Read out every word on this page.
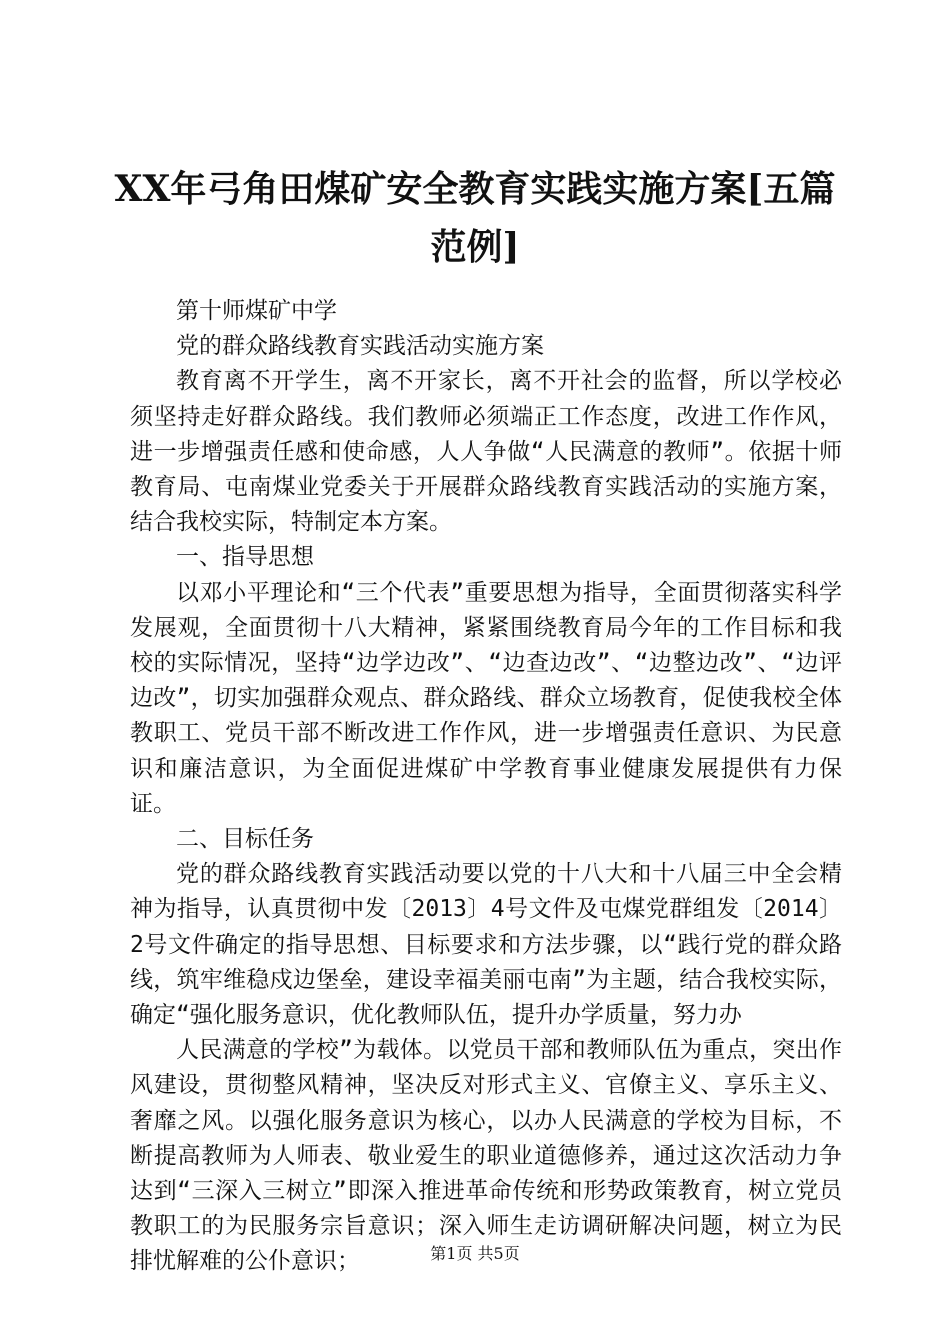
XX年弓角田煤矿安全教育实践实施方案[五篇范例]

第十师煤矿中学

党的群众路线教育实践活动实施方案

教育离不开学生，离不开家长，离不开社会的监督，所以学校必须坚持走好群众路线。我们教师必须端正工作态度，改进工作作风，进一步增强责任感和使命感，人人争做“人民满意的教师”。依据十师教育局、屯南煤业党委关于开展群众路线教育实践活动的实施方案，结合我校实际，特制定本方案。

一、指导思想

以邓小平理论和“三个代表”重要思想为指导，全面贯彻落实科学发展观，全面贯彻十八大精神，紧紧围绕教育局今年的工作目标和我校的实际情况，坚持“边学边改”、“边查边改”、“边整边改”、“边评边改”，切实加强群众观点、群众路线、群众立场教育，促使我校全体教职工、党员干部不断改进工作作风，进一步增强责任意识、为民意识和廉洁意识，为全面促进煤矿中学教育事业健康发展提供有力保证。

二、目标任务

党的群众路线教育实践活动要以党的十八大和十八届三中全会精神为指导，认真贯彻中发〔2013〕4号文件及屯煤党群组发〔2014〕2号文件确定的指导思想、目标要求和方法步骤，以“践行党的群众路线，筑牢维稳戍边堡垒，建设幸福美丽屯南”为主题，结合我校实际，确定“强化服务意识，优化教师队伍，提升办学质量，努力办

人民满意的学校”为载体。以党员干部和教师队伍为重点，突出作风建设，贯彻整风精神，坚决反对形式主义、官僚主义、享乐主义、奢靡之风。以强化服务意识为核心，以办人民满意的学校为目标，不断提高教师为人师表、敬业爱生的职业道德修养，通过这次活动力争达到“三深入三树立”即深入推进革命传统和形势政策教育，树立党员教职工的为民服务宗旨意识；深入师生走访调研解决问题，树立为民排忧解难的公仆意识；	第1页 共5页
